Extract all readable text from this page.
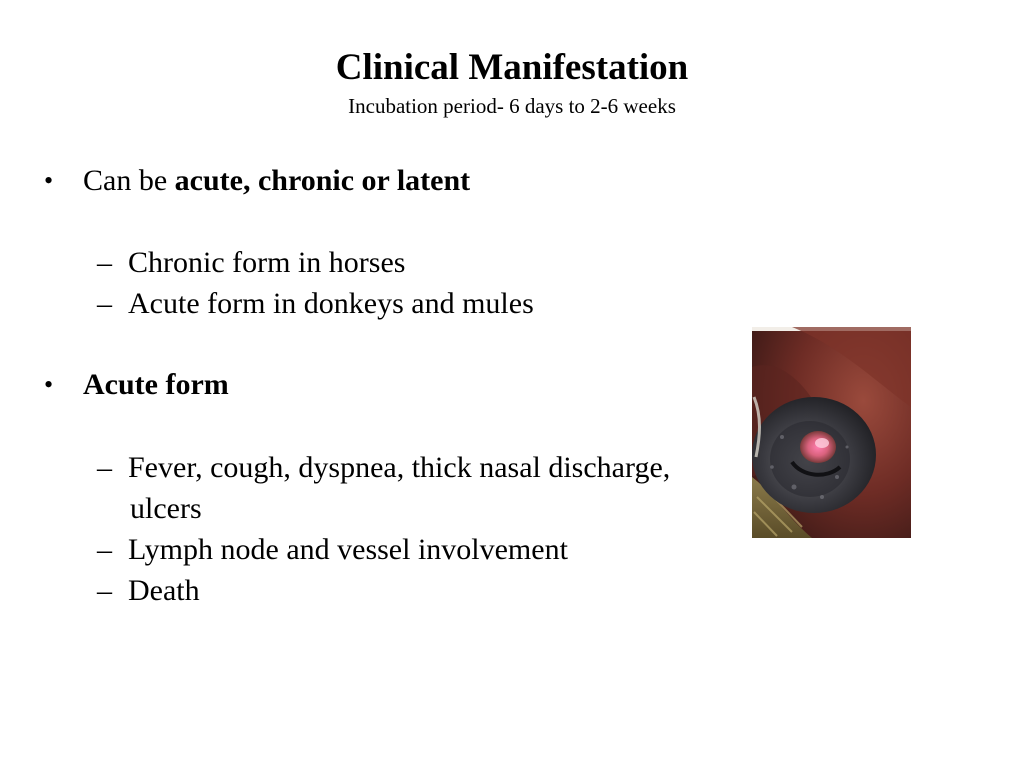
Clinical Manifestation
Incubation period- 6 days to 2-6 weeks
• Can be acute, chronic or latent
– Chronic form in horses
– Acute form in donkeys and mules
• Acute form
– Fever, cough, dyspnea, thick nasal discharge,
ulcers
– Lymph node and vessel involvement
– Death
